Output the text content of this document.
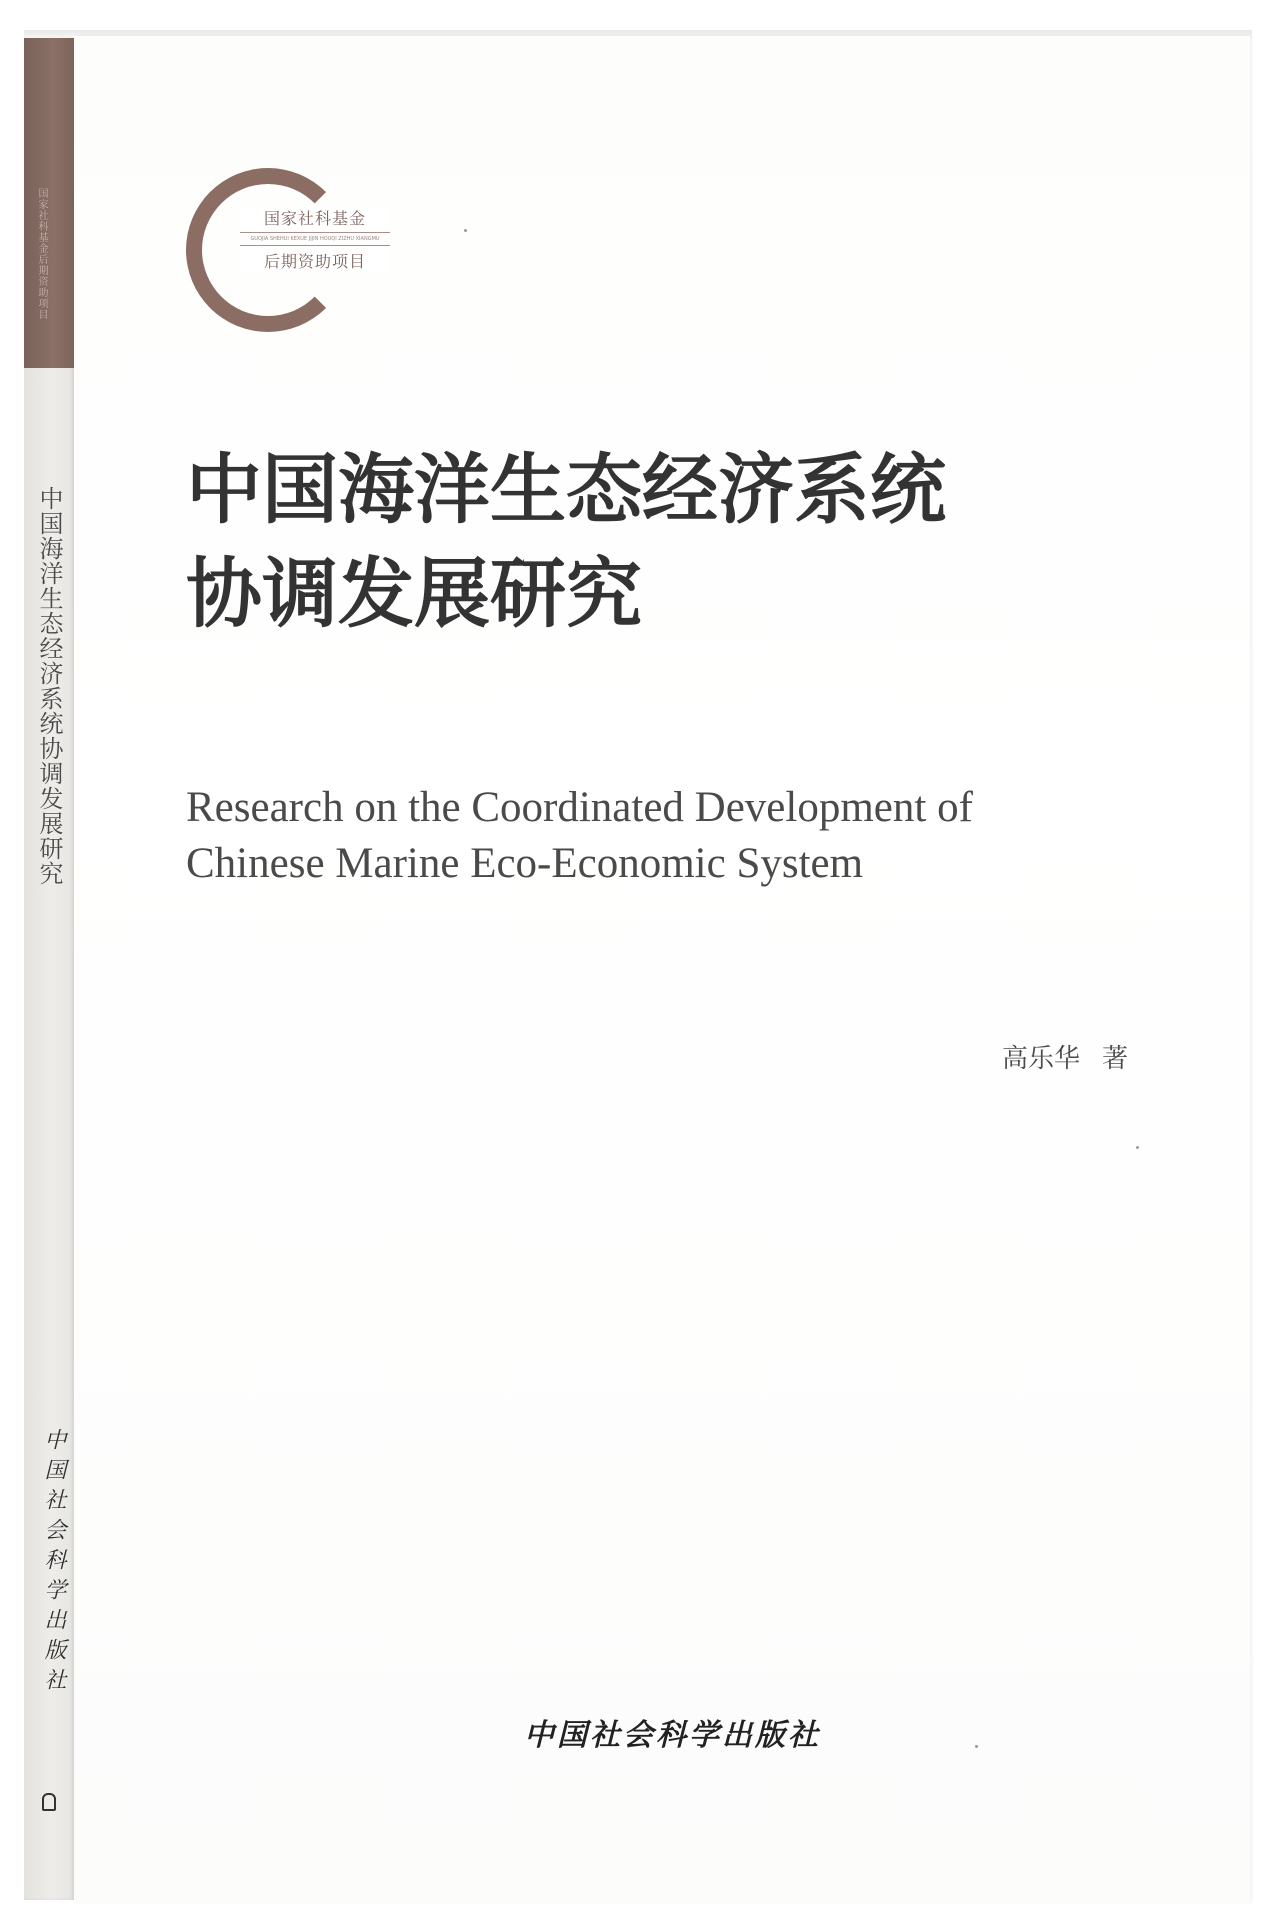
国家社科基金后期资助项目
中国海洋生态经济系统协调发展研究
中国社会科学出版社
国家社科基金
GUOJIA SHEHUI KEXUE JIJIN HOUQI ZIZHU XIANGMU
后期资助项目
中国海洋生态经济系统
协调发展研究
Research on the Coordinated Development of
Chinese Marine Eco-Economic System
高乐华 著
中国社会科学出版社
